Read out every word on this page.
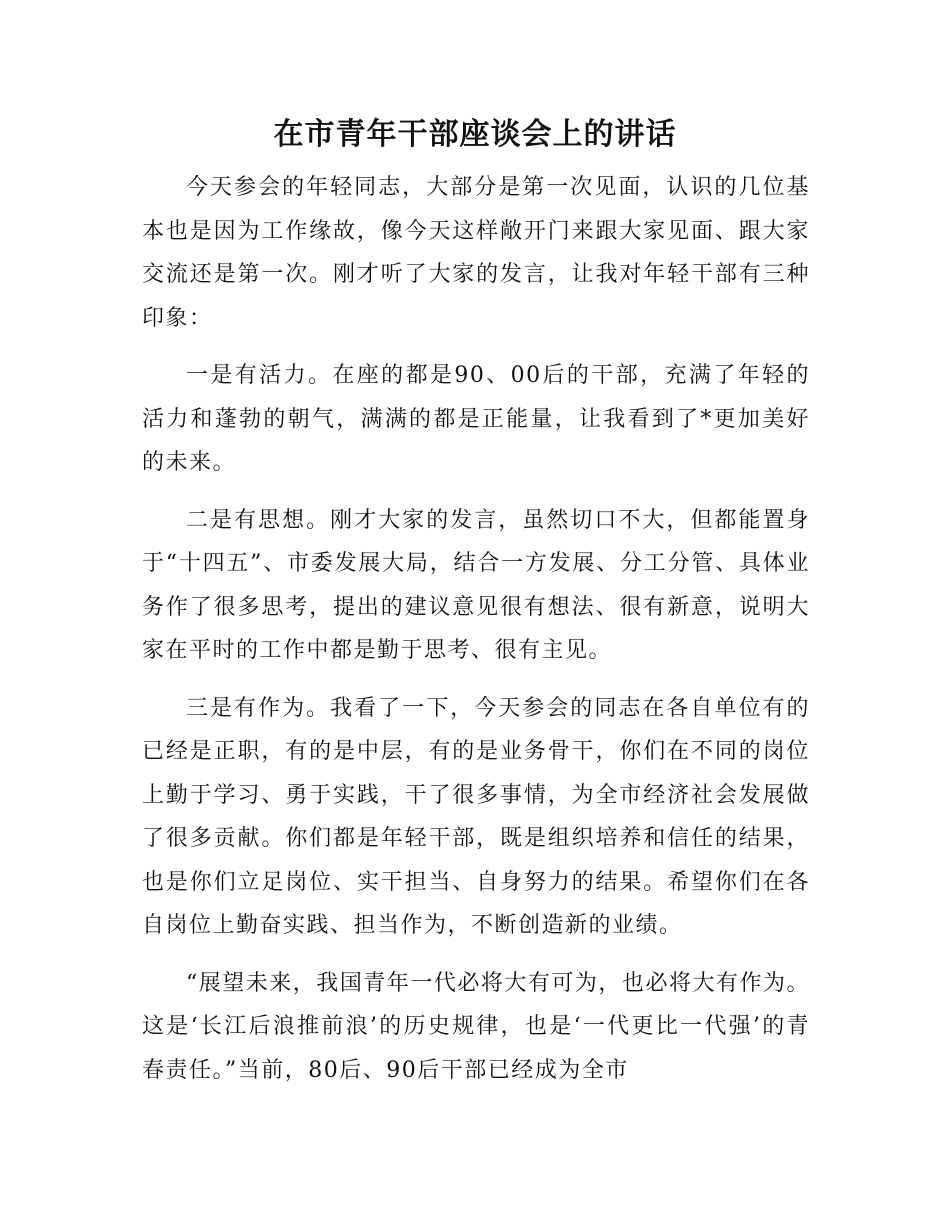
在市青年干部座谈会上的讲话

今天参会的年轻同志，大部分是第一次见面，认识的几位基本也是因为工作缘故，像今天这样敞开门来跟大家见面、跟大家交流还是第一次。刚才听了大家的发言，让我对年轻干部有三种印象：

一是有活力。在座的都是90、00后的干部，充满了年轻的活力和蓬勃的朝气，满满的都是正能量，让我看到了*更加美好的未来。

二是有思想。刚才大家的发言，虽然切口不大，但都能置身于“十四五”、市委发展大局，结合一方发展、分工分管、具体业务作了很多思考，提出的建议意见很有想法、很有新意，说明大家在平时的工作中都是勤于思考、很有主见。

三是有作为。我看了一下，今天参会的同志在各自单位有的已经是正职，有的是中层，有的是业务骨干，你们在不同的岗位上勤于学习、勇于实践，干了很多事情，为全市经济社会发展做了很多贡献。你们都是年轻干部，既是组织培养和信任的结果，也是你们立足岗位、实干担当、自身努力的结果。希望你们在各自岗位上勤奋实践、担当作为，不断创造新的业绩。

“展望未来，我国青年一代必将大有可为，也必将大有作为。这是‘长江后浪推前浪’的历史规律，也是‘一代更比一代强’的青春责任。”当前，80后、90后干部已经成为全市
